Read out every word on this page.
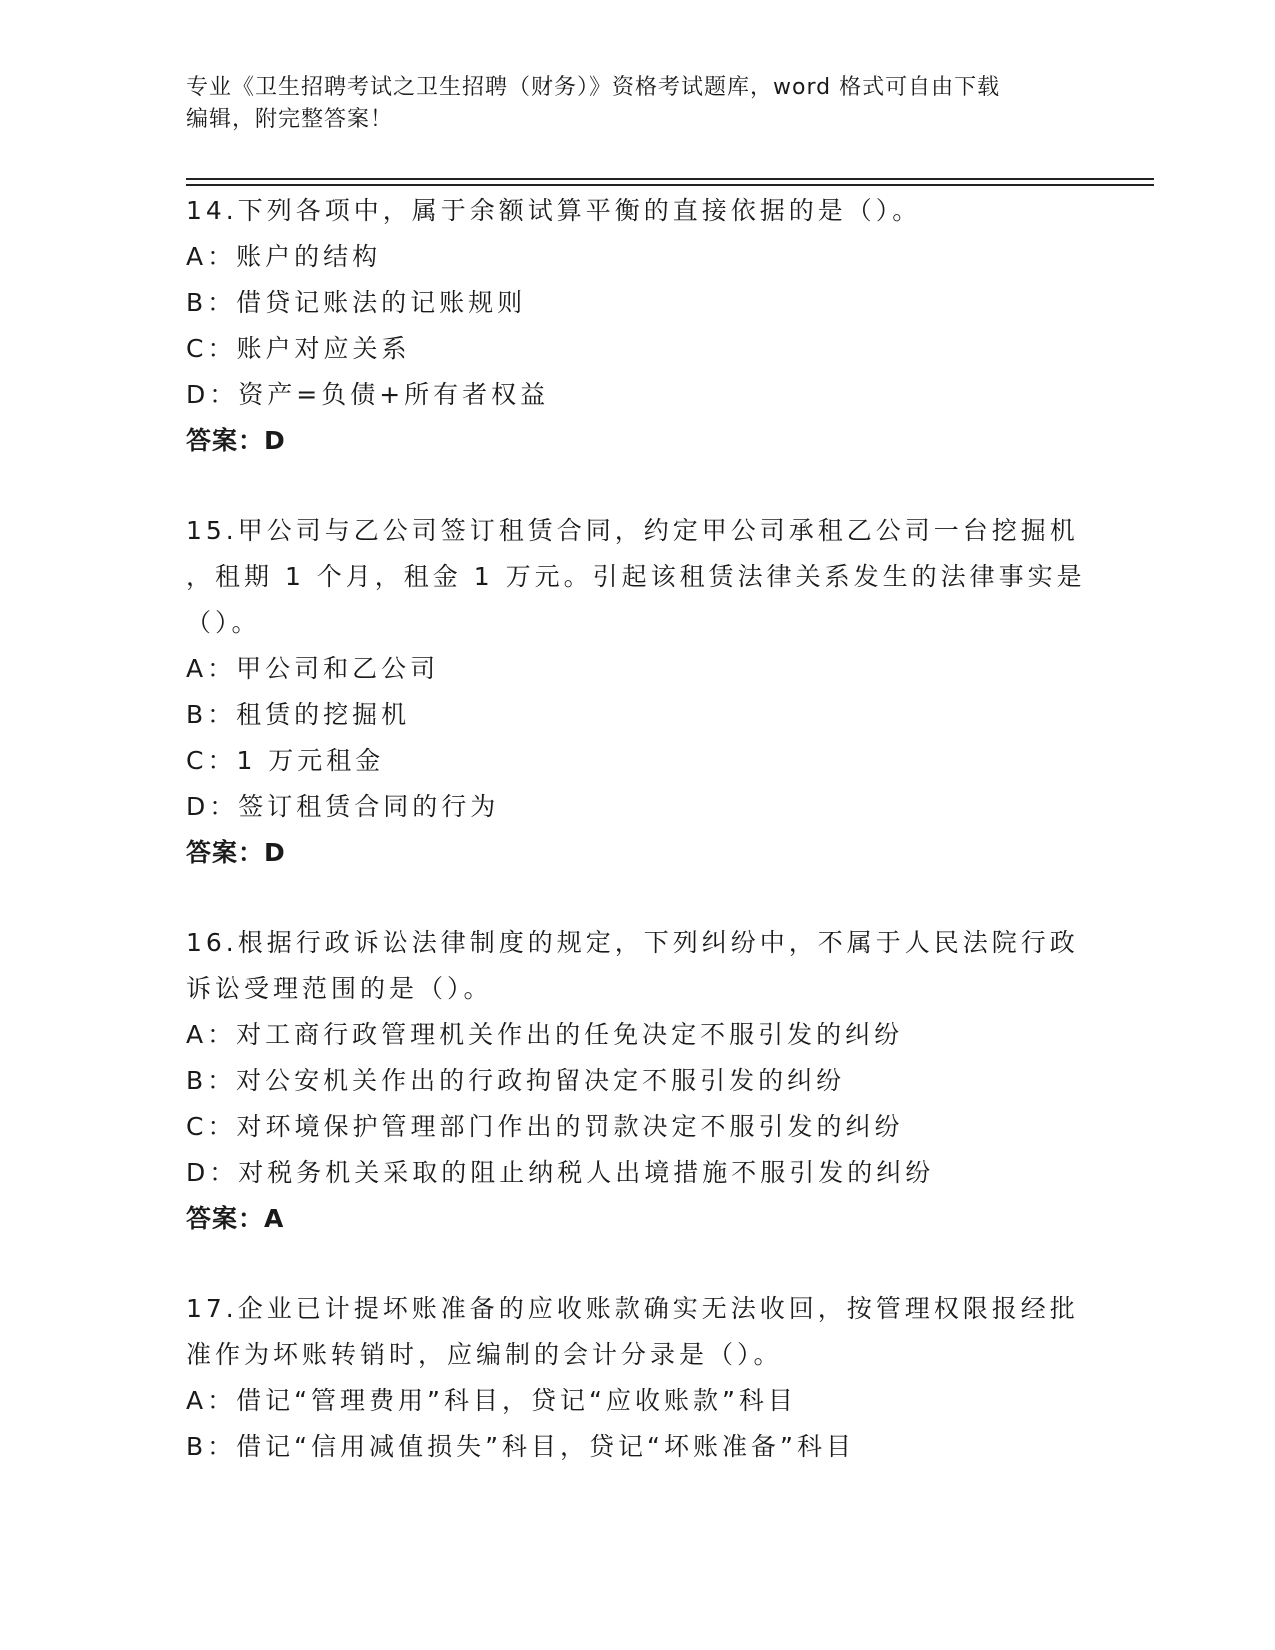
专业《卫生招聘考试之卫生招聘（财务）》资格考试题库，word 格式可自由下载
编辑，附完整答案！
14.下列各项中，属于余额试算平衡的直接依据的是（）。
A：账户的结构
B：借贷记账法的记账规则
C：账户对应关系
D：资产=负债+所有者权益
答案：D
15.甲公司与乙公司签订租赁合同，约定甲公司承租乙公司一台挖掘机
，租期 1 个月，租金 1 万元。引起该租赁法律关系发生的法律事实是
（）。
A：甲公司和乙公司
B：租赁的挖掘机
C：1 万元租金
D：签订租赁合同的行为
答案：D
16.根据行政诉讼法律制度的规定，下列纠纷中，不属于人民法院行政
诉讼受理范围的是（）。
A：对工商行政管理机关作出的任免决定不服引发的纠纷
B：对公安机关作出的行政拘留决定不服引发的纠纷
C：对环境保护管理部门作出的罚款决定不服引发的纠纷
D：对税务机关采取的阻止纳税人出境措施不服引发的纠纷
答案：A
17.企业已计提坏账准备的应收账款确实无法收回，按管理权限报经批
准作为坏账转销时，应编制的会计分录是（）。
A：借记“管理费用”科目，贷记“应收账款”科目
B：借记“信用减值损失”科目，贷记“坏账准备”科目
